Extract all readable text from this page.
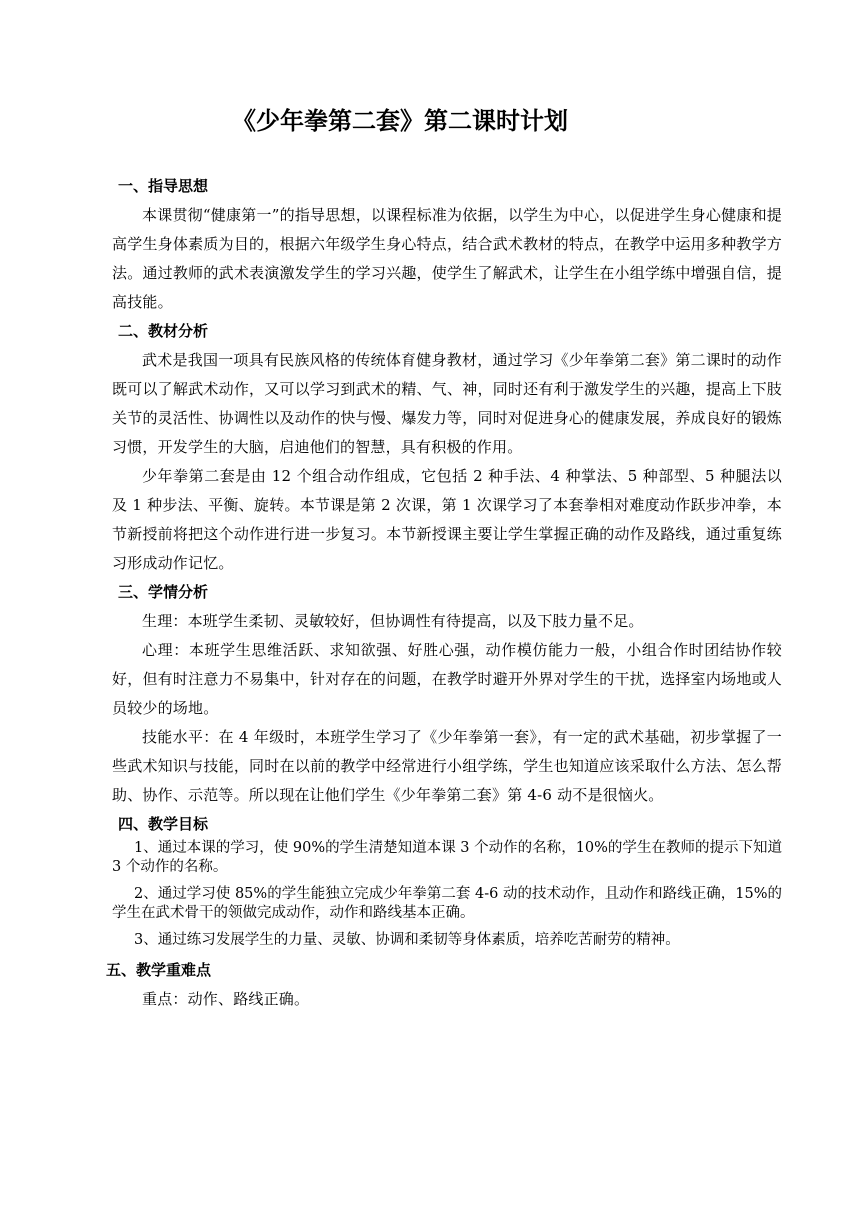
《少年拳第二套》第二课时计划
一、指导思想

本课贯彻“健康第一”的指导思想，以课程标准为依据，以学生为中心，以促进学生身心健康和提高学生身体素质为目的，根据六年级学生身心特点，结合武术教材的特点，在教学中运用多种教学方法。通过教师的武术表演激发学生的学习兴趣，使学生了解武术，让学生在小组学练中增强自信，提高技能。

二、教材分析

武术是我国一项具有民族风格的传统体育健身教材，通过学习《少年拳第二套》第二课时的动作既可以了解武术动作，又可以学习到武术的精、气、神，同时还有利于激发学生的兴趣，提高上下肢关节的灵活性、协调性以及动作的快与慢、爆发力等，同时对促进身心的健康发展，养成良好的锻炼习惯，开发学生的大脑，启迪他们的智慧，具有积极的作用。

少年拳第二套是由 12 个组合动作组成，它包括 2 种手法、4 种掌法、5 种部型、5 种腿法以及 1 种步法、平衡、旋转。本节课是第 2 次课，第 1 次课学习了本套拳相对难度动作跃步冲拳，本节新授前将把这个动作进行进一步复习。本节新授课主要让学生掌握正确的动作及路线，通过重复练习形成动作记忆。

三、学情分析

生理：本班学生柔韧、灵敏较好，但协调性有待提高，以及下肢力量不足。

心理：本班学生思维活跃、求知欲强、好胜心强，动作模仿能力一般，小组合作时团结协作较好，但有时注意力不易集中，针对存在的问题，在教学时避开外界对学生的干扰，选择室内场地或人员较少的场地。

技能水平：在 4 年级时，本班学生学习了《少年拳第一套》，有一定的武术基础，初步掌握了一些武术知识与技能，同时在以前的教学中经常进行小组学练，学生也知道应该采取什么方法、怎么帮助、协作、示范等。所以现在让他们学生《少年拳第二套》第 4-6 动不是很恼火。

四、教学目标

1、通过本课的学习，使 90%的学生清楚知道本课 3 个动作的名称，10%的学生在教师的提示下知道 3 个动作的名称。

2、通过学习使 85%的学生能独立完成少年拳第二套 4-6 动的技术动作，且动作和路线正确，15%的学生在武术骨干的领做完成动作，动作和路线基本正确。

3、通过练习发展学生的力量、灵敏、协调和柔韧等身体素质，培养吃苦耐劳的精神。

五、教学重难点

重点：动作、路线正确。
